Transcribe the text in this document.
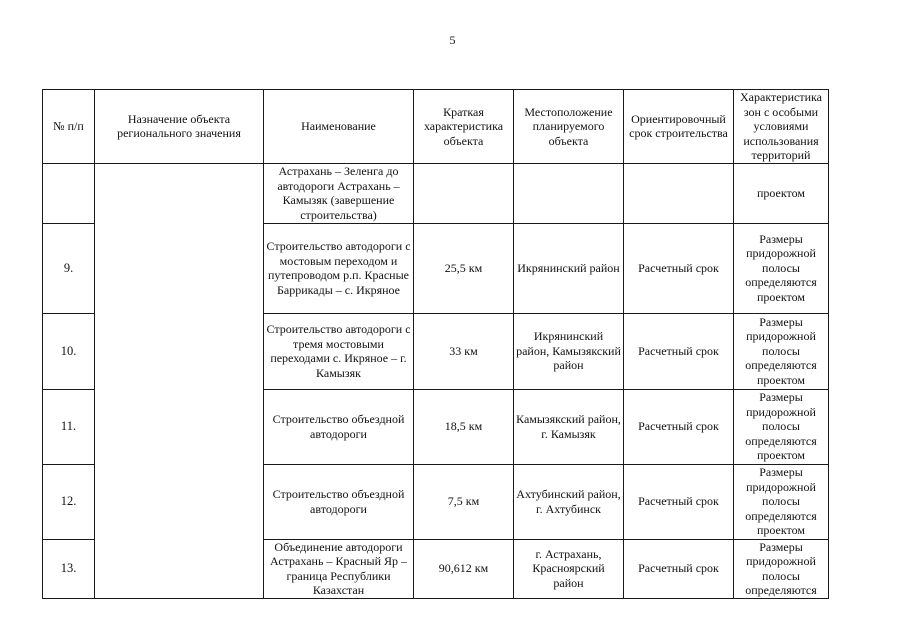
5
№ п/п	Назначение объекта регионального значения	Наименование	Краткая характеристика объекта	Местоположение планируемого объекта	Ориентировочный срок строительства	Характеристика зон с особыми условиями использования территорий
		Астрахань – Зеленга до автодороги Астрахань – Камызяк (завершение строительства)				проектом
9.		Строительство автодороги с мостовым переходом и путепроводом р.п. Красные Баррикады – с. Икряное	25,5 км	Икрянинский район	Расчетный срок	Размеры придорожной полосы определяются проектом
10.		Строительство автодороги с тремя мостовыми переходами с. Икряное – г. Камызяк	33 км	Икрянинский район, Камызякский район	Расчетный срок	Размеры придорожной полосы определяются проектом
11.		Строительство объездной автодороги	18,5 км	Камызякский район, г. Камызяк	Расчетный срок	Размеры придорожной полосы определяются проектом
12.		Строительство объездной автодороги	7,5 км	Ахтубинский район, г. Ахтубинск	Расчетный срок	Размеры придорожной полосы определяются проектом
13.		Объединение автодороги Астрахань – Красный Яр – граница Республики Казахстан	90,612 км	г. Астрахань, Красноярский район	Расчетный срок	Размеры придорожной полосы определяются
